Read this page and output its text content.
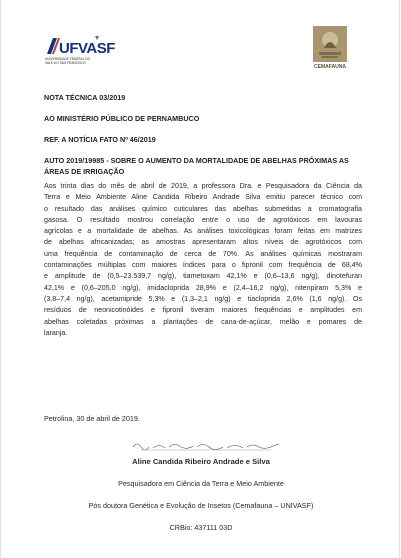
UFVASF
UNIVERSIDADE FEDERAL DO
VALE DO SÃO FRANCISCO
CEMAFAUNA
NOTA TÉCNICA 03/2019
AO MINISTÉRIO PÚBLICO DE PERNAMBUCO
REF. A NOTÍCIA FATO Nº 46/2019
AUTO 2019/19985 - SOBRE O AUMENTO DA MORTALIDADE DE ABELHAS PRÓXIMAS AS
ÁREAS DE IRRIGAÇÃO
Aos trinta dias do mês de abril de 2019, a professora Dra. e Pesquisadora da Ciência da
Terra e Meio Ambiente Aline Candida Ribeiro Andrade Silva emitiu parecer técnico com
o resultado das análises químico cuticulares das abelhas submetidas a cromatografia
gasosa. O resultado mostrou correlação entre o uso de agrotóxicos em lavouras
agrícolas e a mortalidade de abelhas. As análises toxicológicas foram feitas em matrizes
de abelhas africanizadas; as amostras apresentaram altos níveis de agrotóxicos com
uma frequência de contaminação de cerca de 70%. As análises químicas mostraram
contaminações múltiplas com maiores índices para o fipronil com frequência de 68,4%
e amplitude de (0,5–23.539,7 ng/g), tiametoxam 42,1% e (0,6–13,6 ng/g), dinotefuran
42,1% e (0,6–205,0 ng/g), imidacloprida 28,9% e (2,4–16,2 ng/g), nitenpiram 5,3% e
(3,8–7,4 ng/g), acetamipride 5,3% e (1,3–2,1 ng/g) e tiacloprida 2,6% (1,6 ng/g). Os
resíduos de neonicotinóides e fipronil tiveram maiores frequências e amplitudes em
abelhas coletadas próximas a plantações de cana-de-açúcar, melão e pomares de
laranja.
Petrolina, 30 de abril de 2019.
Aline Candida Ribeiro Andrade e Silva
Pesquisadora em Ciência da Terra e Meio Ambiente
Pós doutora Genética e Evolução de Insetos (Cemafauna – UNIVASF)
CRBio: 437111 03D
